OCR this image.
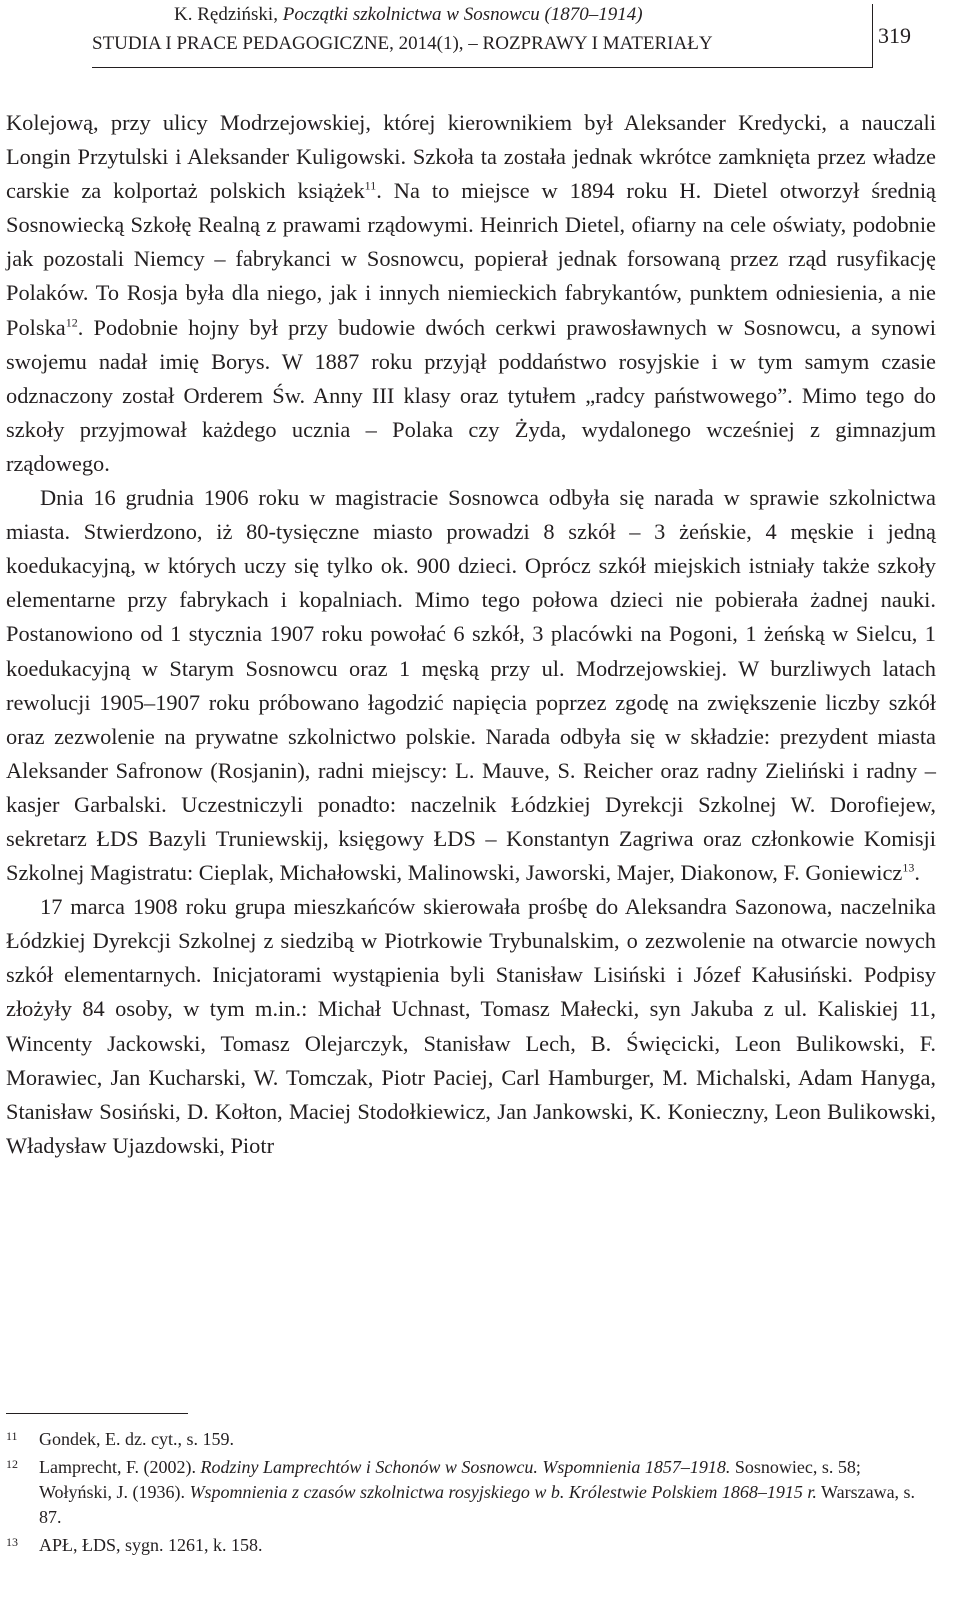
K. Rędziński, Początki szkolnictwa w Sosnowcu (1870–1914)
STUDIA I PRACE PEDAGOGICZNE, 2014(1), – ROZPRAWY I MATERIAŁY	319

Kolejową, przy ulicy Modrzejowskiej, której kierownikiem był Aleksander Kredycki, a nauczali Longin Przytulski i Aleksander Kuligowski. Szkoła ta została jednak wkrótce zamknięta przez władze carskie za kolportaż polskich książek$^{11}$. Na to miejsce w 1894 roku H. Dietel otworzył średnią Sosnowiecką Szkołę Realną z prawami rządowymi. Heinrich Dietel, ofiarny na cele oświaty, podobnie jak pozostali Niemcy – fabrykanci w Sosnowcu, popierał jednak forsowaną przez rząd rusyfikację Polaków. To Rosja była dla niego, jak i innych niemieckich fabrykantów, punktem odniesienia, a nie Polska$^{12}$. Podobnie hojny był przy budowie dwóch cerkwi prawosławnych w Sosnowcu, a synowi swojemu nadał imię Borys. W 1887 roku przyjął poddaństwo rosyjskie i w tym samym czasie odznaczony został Orderem Św. Anny III klasy oraz tytułem „radcy państwowego”. Mimo tego do szkoły przyjmował każdego ucznia – Polaka czy Żyda, wydalonego wcześniej z gimnazjum rządowego.

Dnia 16 grudnia 1906 roku w magistracie Sosnowca odbyła się narada w sprawie szkolnictwa miasta. Stwierdzono, iż 80-tysięczne miasto prowadzi 8 szkół – 3 żeńskie, 4 męskie i jedną koedukacyjną, w których uczy się tylko ok. 900 dzieci. Oprócz szkół miejskich istniały także szkoły elementarne przy fabrykach i kopalniach. Mimo tego połowa dzieci nie pobierała żadnej nauki. Postanowiono od 1 stycznia 1907 roku powołać 6 szkół, 3 placówki na Pogoni, 1 żeńską w Sielcu, 1 koedukacyjną w Starym Sosnowcu oraz 1 męską przy ul. Modrzejowskiej. W burzliwych latach rewolucji 1905–1907 roku próbowano łagodzić napięcia poprzez zgodę na zwiększenie liczby szkół oraz zezwolenie na prywatne szkolnictwo polskie. Narada odbyła się w składzie: prezydent miasta Aleksander Safronow (Rosjanin), radni miejscy: L. Mauve, S. Reicher oraz radny Zieliński i radny – kasjer Garbalski. Uczestniczyli ponadto: naczelnik Łódzkiej Dyrekcji Szkolnej W. Dorofiejew, sekretarz ŁDS Bazyli Truniewskij, księgowy ŁDS – Konstantyn Zagriwa oraz członkowie Komisji Szkolnej Magistratu: Cieplak, Michałowski, Malinowski, Jaworski, Majer, Diakonow, F. Goniewicz$^{13}$.

17 marca 1908 roku grupa mieszkańców skierowała prośbę do Aleksandra Sazonowa, naczelnika Łódzkiej Dyrekcji Szkolnej z siedzibą w Piotrkowie Trybunalskim, o zezwolenie na otwarcie nowych szkół elementarnych. Inicjatorami wystąpienia byli Stanisław Lisiński i Józef Kałusiński. Podpisy złożyły 84 osoby, w tym m.in.: Michał Uchnast, Tomasz Małecki, syn Jakuba z ul. Kaliskiej 11, Wincenty Jackowski, Tomasz Olejarczyk, Stanisław Lech, B. Święcicki, Leon Bulikowski, F. Morawiec, Jan Kucharski, W. Tomczak, Piotr Paciej, Carl Hamburger, M. Michalski, Adam Hanyga, Stanisław Sosiński, D. Kołton, Maciej Stodołkiewicz, Jan Jankowski, K. Konieczny, Leon Bulikowski, Władysław Ujazdowski, Piotr

11 Gondek, E. dz. cyt., s. 159.
12 Lamprecht, F. (2002). Rodziny Lamprechtów i Schonów w Sosnowcu. Wspomnienia 1857–1918. Sosnowiec, s. 58; Wołyński, J. (1936). Wspomnienia z czasów szkolnictwa rosyjskiego w b. Królestwie Polskiem 1868–1915 r. Warszawa, s. 87.
13 APŁ, ŁDS, sygn. 1261, k. 158.
